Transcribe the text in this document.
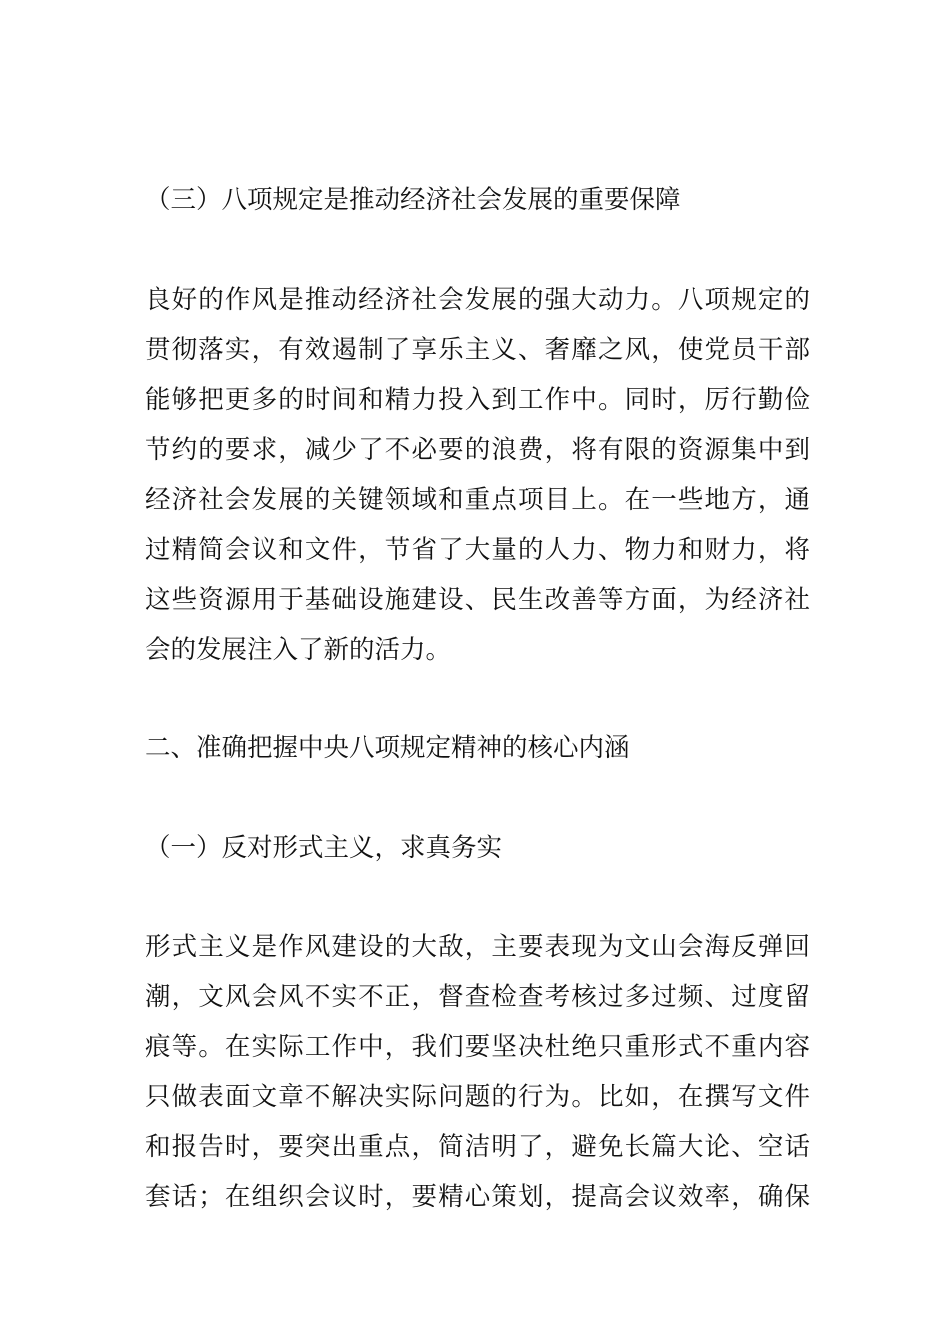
（三）八项规定是推动经济社会发展的重要保障
良好的作风是推动经济社会发展的强大动力。八项规定的
贯彻落实，有效遏制了享乐主义、奢靡之风，使党员干部
能够把更多的时间和精力投入到工作中。同时，厉行勤俭
节约的要求，减少了不必要的浪费，将有限的资源集中到
经济社会发展的关键领域和重点项目上。在一些地方，通
过精简会议和文件，节省了大量的人力、物力和财力，将
这些资源用于基础设施建设、民生改善等方面，为经济社
会的发展注入了新的活力。
二、准确把握中央八项规定精神的核心内涵
（一）反对形式主义，求真务实
形式主义是作风建设的大敌，主要表现为文山会海反弹回
潮，文风会风不实不正，督查检查考核过多过频、过度留
痕等。在实际工作中，我们要坚决杜绝只重形式不重内容
只做表面文章不解决实际问题的行为。比如，在撰写文件
和报告时，要突出重点，简洁明了，避免长篇大论、空话
套话；在组织会议时，要精心策划，提高会议效率，确保
